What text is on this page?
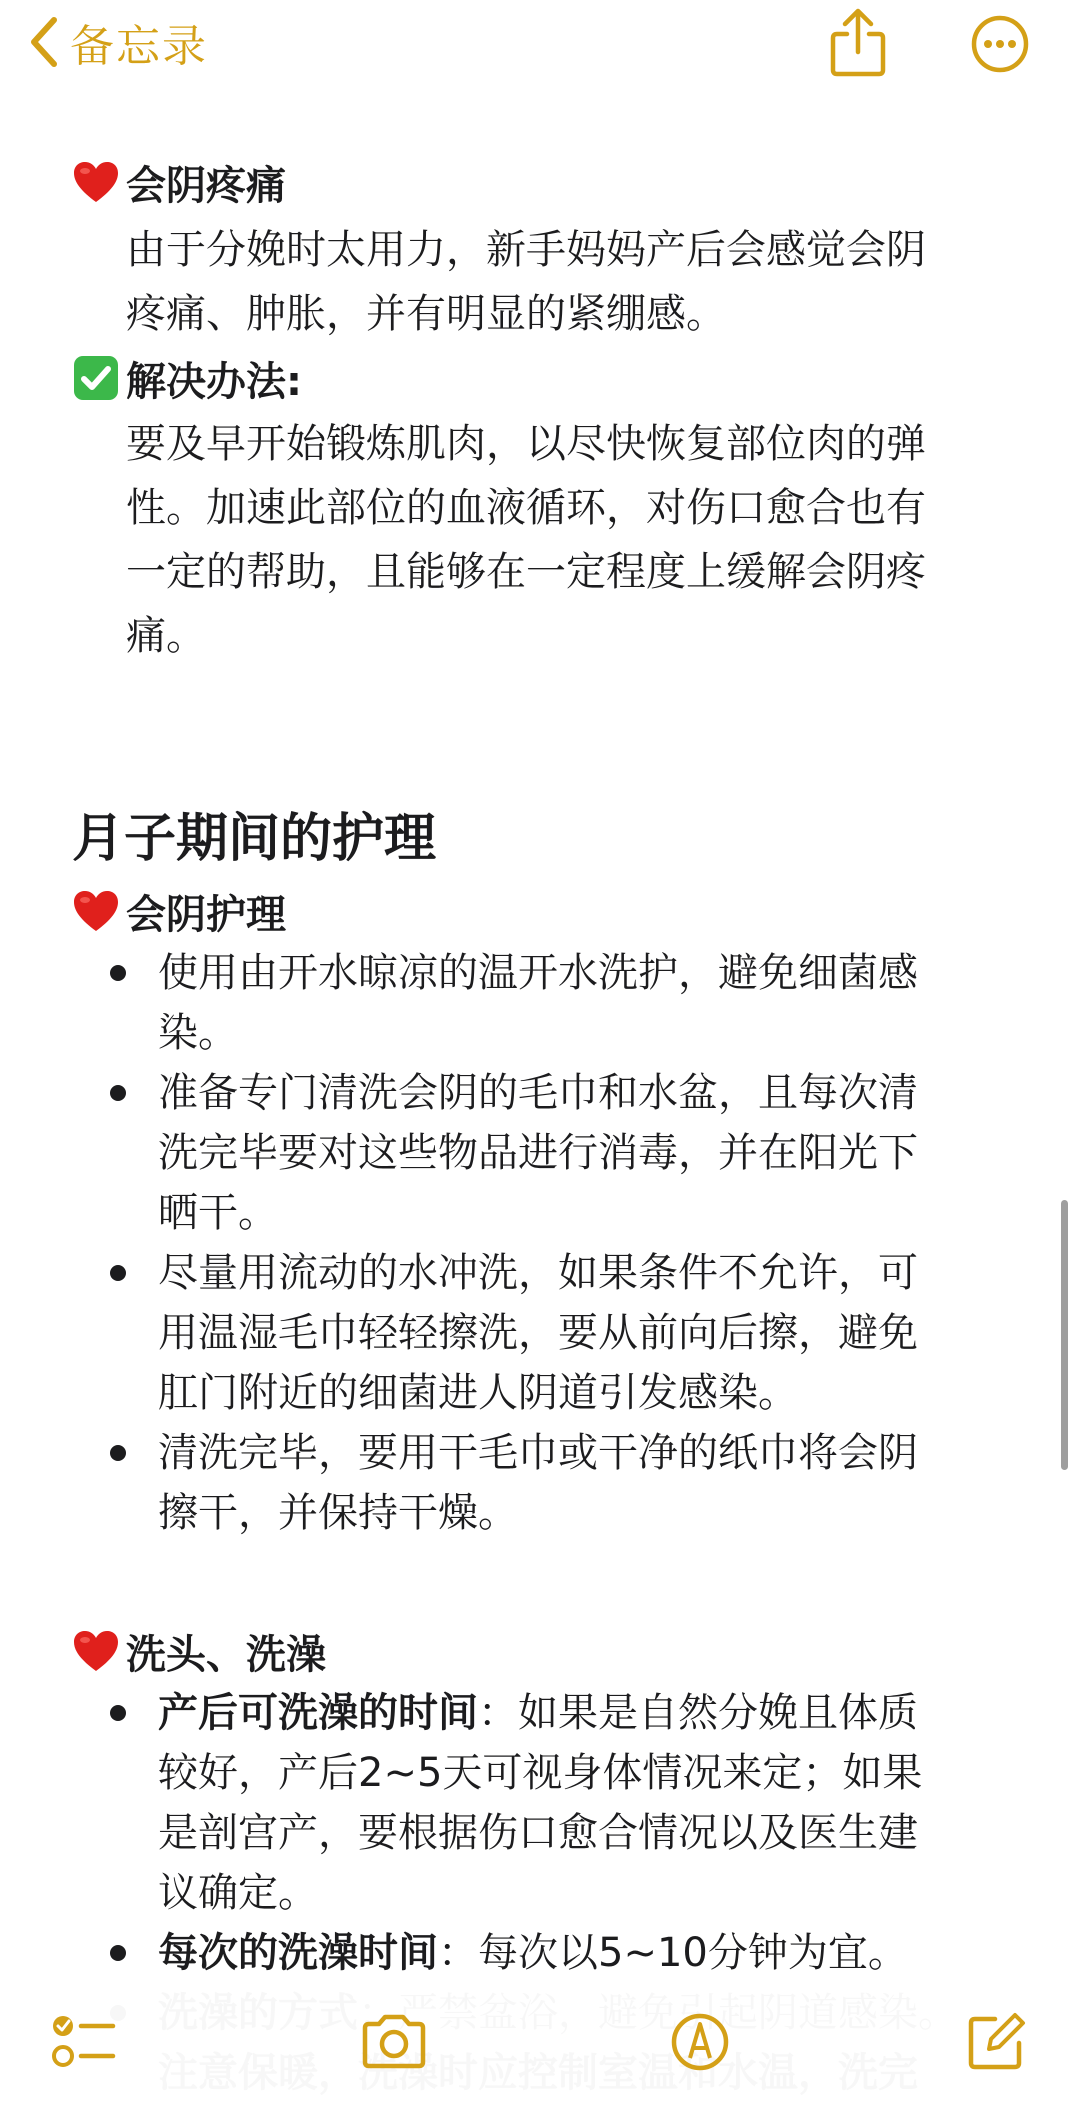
会阴疼痛
由于分娩时太用力，新手妈妈产后会感觉会阴
疼痛、肿胀，并有明显的紧绷感。
解决办法:
要及早开始锻炼肌肉，以尽快恢复部位肉的弹
性。加速此部位的血液循环，对伤口愈合也有
一定的帮助，且能够在一定程度上缓解会阴疼
痛。
月子期间的护理
会阴护理
使用由开水晾凉的温开水洗护，避免细菌感
染。
准备专门清洗会阴的毛巾和水盆，且每次清
洗完毕要对这些物品进行消毒，并在阳光下
晒干。
尽量用流动的水冲洗，如果条件不允许，可
用温湿毛巾轻轻擦洗，要从前向后擦，避免
肛门附近的细菌进人阴道引发感染。
清洗完毕，要用干毛巾或干净的纸巾将会阴
擦干，并保持干燥。
洗头、洗澡
产后可洗澡的时间：如果是自然分娩且体质
较好，产后2~5天可视身体情况来定；如果
是剖宫产，要根据伤口愈合情况以及医生建
议确定。
每次的洗澡时间：每次以5~10分钟为宜。
备忘录
